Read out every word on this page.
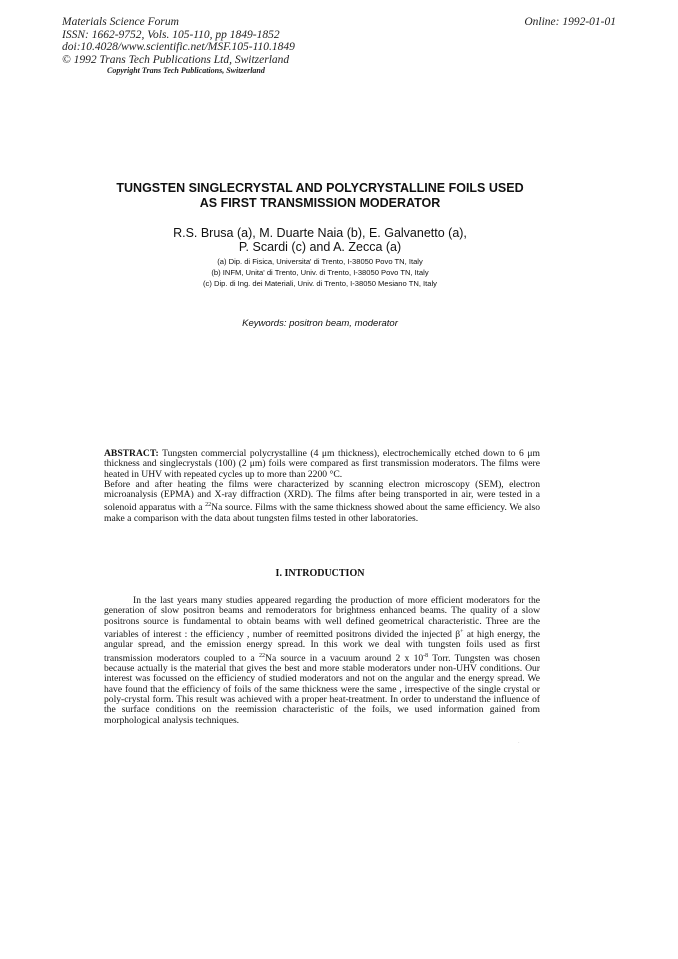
Materials Science Forum
ISSN: 1662-9752, Vols. 105-110, pp 1849-1852
doi:10.4028/www.scientific.net/MSF.105-110.1849
© 1992 Trans Tech Publications Ltd, Switzerland
Online: 1992-01-01
Copyright Trans Tech Publications, Switzerland
TUNGSTEN SINGLECRYSTAL AND POLYCRYSTALLINE FOILS USED
AS FIRST TRANSMISSION MODERATOR
R.S. Brusa (a), M. Duarte Naia (b), E. Galvanetto (a),
P. Scardi (c) and A. Zecca (a)
(a) Dip. di Fisica, Universita' di Trento, I-38050 Povo TN, Italy
(b) INFM, Unita' di Trento, Univ. di Trento, I-38050 Povo TN, Italy
(c) Dip. di Ing. dei Materiali, Univ. di Trento, I-38050 Mesiano TN, Italy
Keywords: positron beam, moderator
ABSTRACT: Tungsten commercial polycrystalline (4 μm thickness), electrochemically etched down to 6 μm thickness and singlecrystals (100) (2 μm) foils were compared as first transmission moderators. The films were heated in UHV with repeated cycles up to more than 2200 °C.
Before and after heating the films were characterized by scanning electron microscopy (SEM), electron microanalysis (EPMA) and X-ray diffraction (XRD). The films after being transported in air, were tested in a solenoid apparatus with a $^{22}$Na source. Films with the same thickness showed about the same efficiency. We also make a comparison with the data about tungsten films tested in other laboratories.
I. INTRODUCTION
In the last years many studies appeared regarding the production of more efficient moderators for the generation of slow positron beams and remoderators for brightness enhanced beams. The quality of a slow positrons source is fundamental to obtain beams with well defined geometrical characteristic. Three are the variables of interest : the efficiency , number of reemitted positrons divided the injected β+ at high energy, the angular spread, and the emission energy spread. In this work we deal with tungsten foils used as first transmission moderators coupled to a $^{22}$Na source in a vacuum around 2 x $10^{-8}$ Torr. Tungsten was chosen because actually is the material that gives the best and more stable moderators under non-UHV conditions. Our interest was focussed on the efficiency of studied moderators and not on the angular and the energy spread. We have found that the efficiency of foils of the same thickness were the same , irrespective of the single crystal or poly-crystal form. This result was achieved with a proper heat-treatment. In order to understand the influence of the surface conditions on the reemission characteristic of the foils, we used information gained from morphological analysis techniques.
·
